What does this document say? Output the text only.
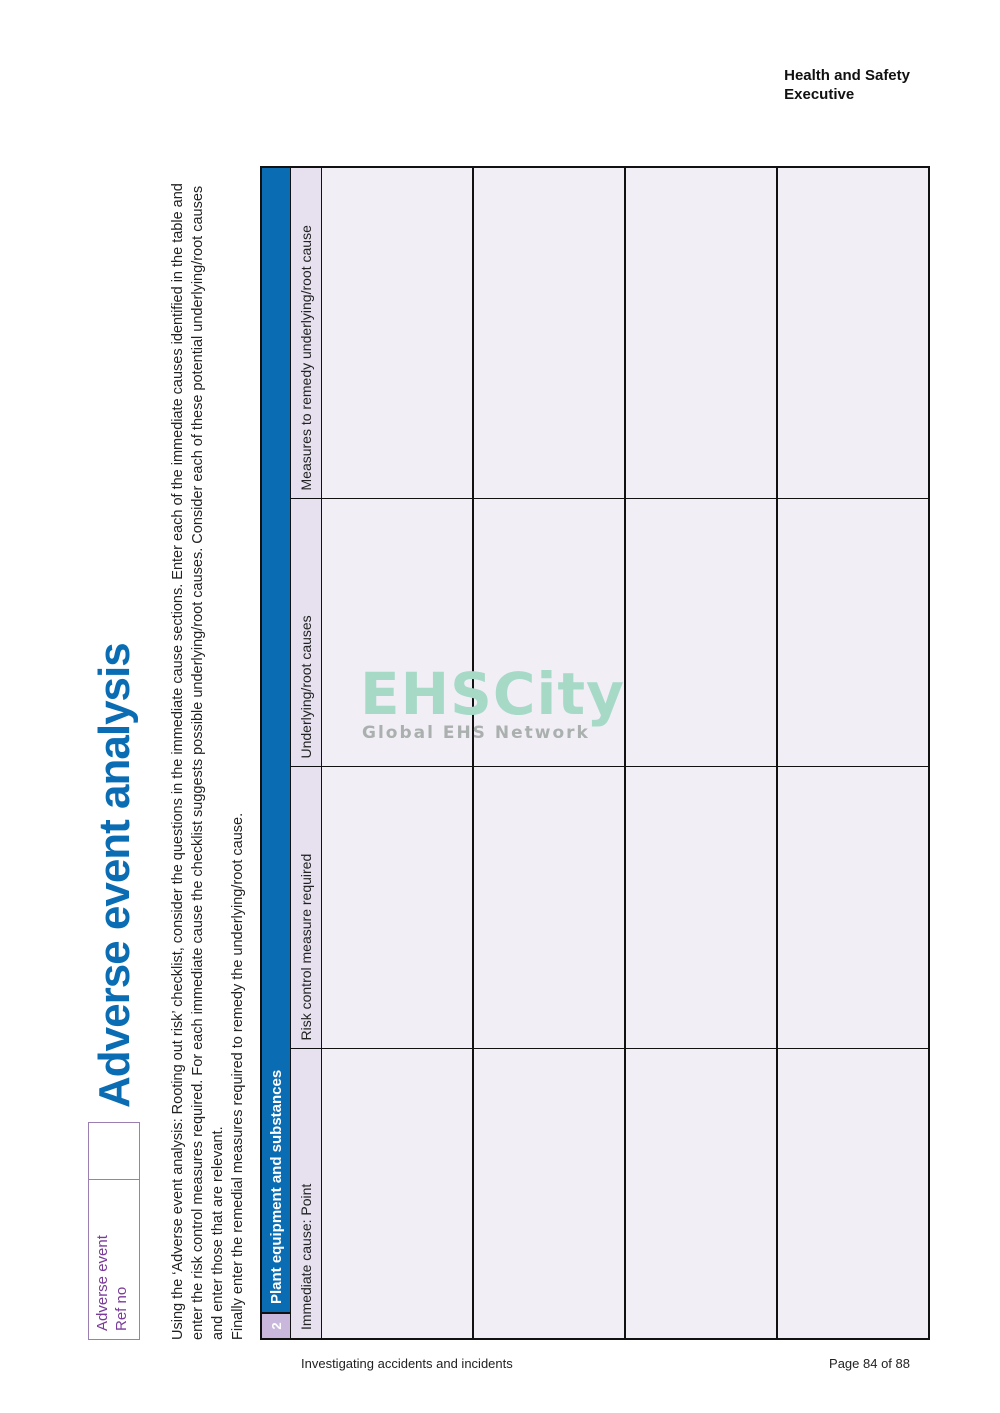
Health and Safety
Executive
Adverse event Ref no
Adverse event analysis Using the ‘Adverse event analysis: Rooting out risk’ checklist, consider the questions in the immediate cause sections. Enter each of the immediate causes identified in the table and enter the risk control measures required. For each immediate cause the checklist suggests possible underlying/root causes. Consider each of these potential underlying/root causes and enter those that are relevant. Finally enter the remedial measures required to remedy the underlying/root cause. 2	Plant equipment and substances			
Immediate cause: Point		Risk control measure required	Underlying/root causes	Measures to remedy underlying/root cause

EHSCity
Global EHS Network
Investigating accidents and incidents	Page 84 of 88
